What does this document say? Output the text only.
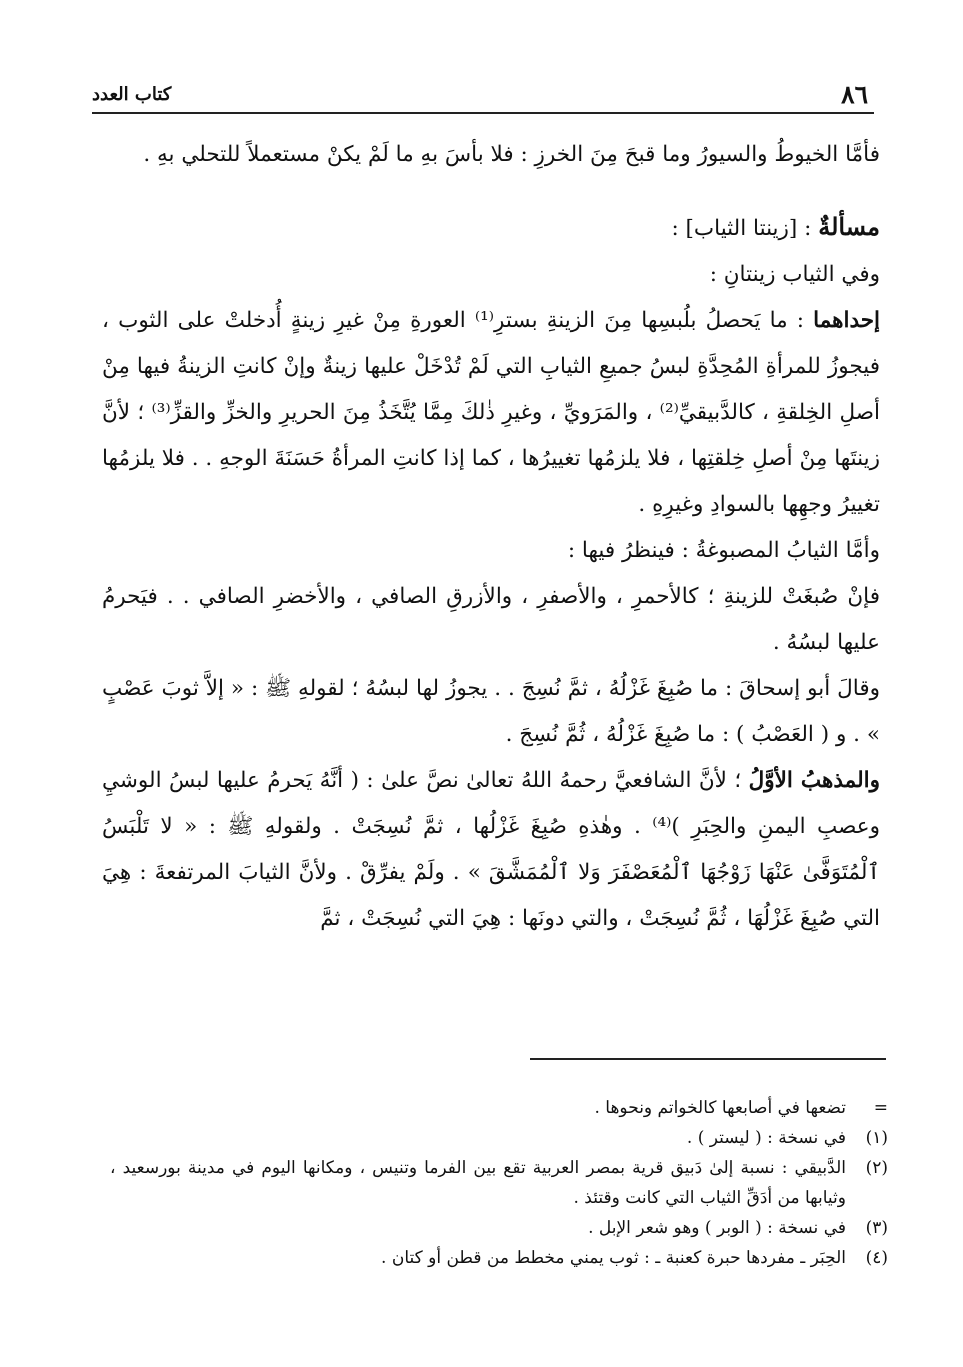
٨٦
كتاب العدد

فأمَّا الخيوطُ والسيورُ وما قبحَ مِنَ الخرزِ : فلا بأسَ بهِ ما لَمْ يكنْ مستعملاً للتحلي بهِ .

مسألةٌ : [زينتا الثياب] :

وفي الثياب زينتانِ :

إحداهما : ما يَحصلُ بلُبسِها مِنَ الزينةِ بسترِ⁽¹⁾ العورةِ مِنْ غيرِ زينةٍ أُدخلتْ على الثوب ، فيجوزُ للمرأةِ المُحِدَّةِ لبسُ جميعِ الثيابِ التي لَمْ تُدْخَلْ عليها زينةٌ وإنْ كانتِ الزينةُ فيها مِنْ أصلِ الخِلقةِ ، كالدَّبيقيِّ⁽²⁾ ، والمَرَويِّ ، وغيرِ ذٰلكَ مِمَّا يُتَّخَذُ مِنَ الحريرِ والخزِّ والقزِّ⁽³⁾ ؛ لأنَّ زينتَها مِنْ أصلِ خِلقتِها ، فلا يلزمُها تغييرُها ، كما إذا كانتِ المرأةُ حَسَنَةَ الوجهِ . . فلا يلزمُها تغييرُ وجهِها بالسوادِ وغيرِهِ .

وأمَّا الثيابُ المصبوغةُ : فينظرُ فيها :

فإنْ صُبغَتْ للزينةِ ؛ كالأحمرِ ، والأصفرِ ، والأزرقِ الصافي ، والأخضرِ الصافي . . فيَحرمُ عليها لبسُهُ .

وقالَ أبو إسحاقَ : ما صُبِغَ غَزْلُهُ ، ثمَّ نُسِجَ . . يجوزُ لها لبسُهُ ؛ لقولهِ ﷺ : « إلاَّ ثوبَ عَصْبٍ » . و ( العَصْبُ ) : ما صُبِغَ غَزْلُهُ ، ثُمَّ نُسِجَ .

والمذهبُ الأوَّلُ ؛ لأنَّ الشافعيَّ رحمهُ اللهُ تعالىٰ نصَّ علىٰ : ( أنَّهُ يَحرمُ عليها لبسُ الوشيِ وعصبِ اليمنِ والحِبَرِ )⁽⁴⁾ . وهٰذهِ صُبِغَ غَزْلُها ، ثمَّ نُسِجَتْ . ولقولهِ ﷺ : « لا تَلْبَسُ ٱلْمُتَوَفَّىٰ عَنْهَا زَوْجُهَا ٱلْمُعَصْفَرَ وَلا ٱلْمُمَشَّقَ » . ولَمْ يفرِّقْ . ولأنَّ الثيابَ المرتفعةَ : هِيَ التي صُبِغَ غَزْلُهَا ، ثُمَّ نُسِجَتْ ، والتي دونَها : هِيَ التي نُسِجَتْ ، ثمَّ

=
تضعها في أصابعها كالخواتم ونحوها .
(١)
في نسخة : ( ليستر ) .
(٢)
الدَّبيقي : نسبة إلىٰ دَبيق قرية بمصر العربية تقع بين الفرما وتنيس ، ومكانها اليوم في مدينة بورسعيد ، وثيابها من أدَقِّ الثياب التي كانت وقتئذ .
(٣)
في نسخة : ( الوبر ) وهو شعر الإبل .
(٤)
الحِبَر ـ مفردها حبرة كعنبة ـ : ثوب يمني مخطط من قطن أو كتان .
